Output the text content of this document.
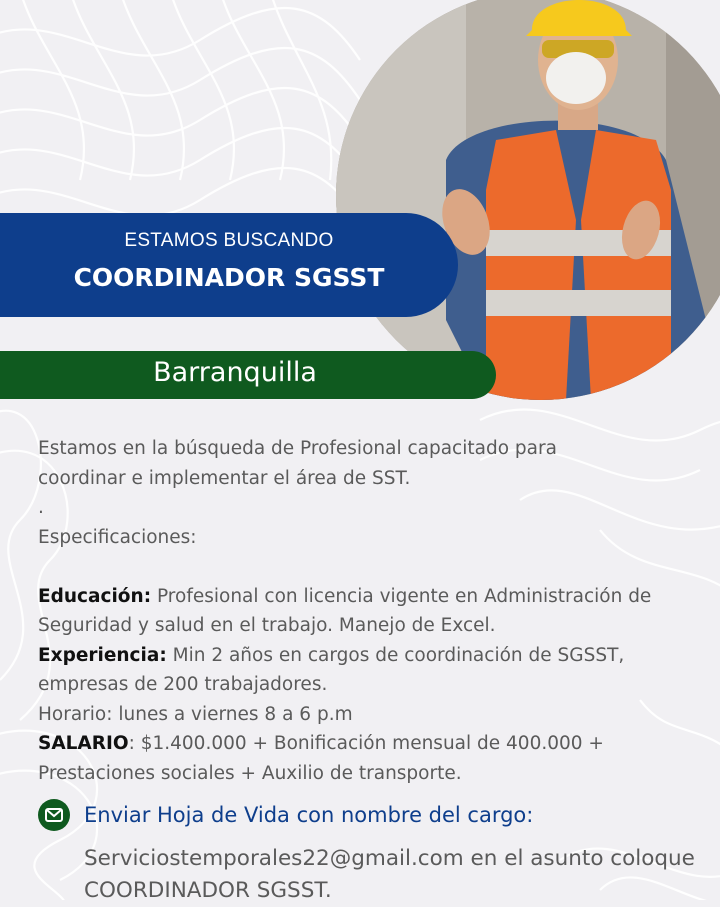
ESTAMOS BUSCANDO
COORDINADOR SGSST
Barranquilla

Estamos en la búsqueda de Profesional capacitado para

coordinar e implementar el área de SST.

.

Especificaciones:

Educación: Profesional con licencia vigente en Administración de Seguridad y salud en el trabajo. Manejo de Excel.

Experiencia: Min 2 años en cargos de coordinación de SGSST, empresas de 200 trabajadores.

Horario: lunes a viernes 8 a 6 p.m

SALARIO: $1.400.000 + Bonificación mensual de 400.000 + Prestaciones sociales + Auxilio de transporte.

Enviar Hoja de Vida con nombre del cargo:
Serviciostemporales22@gmail.com en el asunto coloque COORDINADOR SGSST.
